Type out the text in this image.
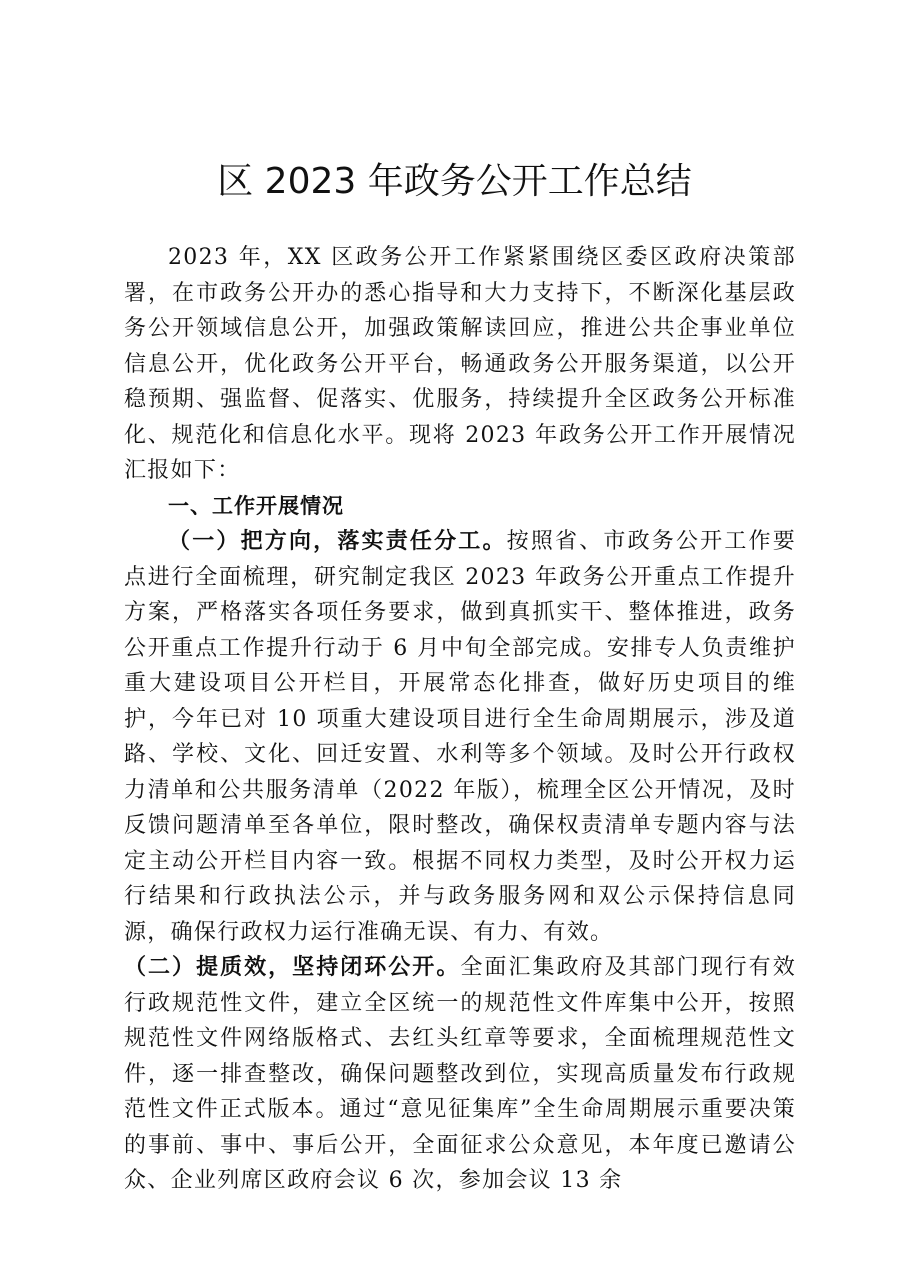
区 2023 年政务公开工作总结

2023 年，XX 区政务公开工作紧紧围绕区委区政府决策部署，在市政务公开办的悉心指导和大力支持下，不断深化基层政务公开领域信息公开，加强政策解读回应，推进公共企事业单位信息公开，优化政务公开平台，畅通政务公开服务渠道，以公开稳预期、强监督、促落实、优服务，持续提升全区政务公开标准化、规范化和信息化水平。现将 2023 年政务公开工作开展情况汇报如下：

一、工作开展情况

（一）把方向，落实责任分工。按照省、市政务公开工作要点进行全面梳理，研究制定我区 2023 年政务公开重点工作提升方案，严格落实各项任务要求，做到真抓实干、整体推进，政务公开重点工作提升行动于 6 月中旬全部完成。安排专人负责维护重大建设项目公开栏目，开展常态化排查，做好历史项目的维护，今年已对 10 项重大建设项目进行全生命周期展示，涉及道路、学校、文化、回迁安置、水利等多个领域。及时公开行政权力清单和公共服务清单（2022 年版），梳理全区公开情况，及时反馈问题清单至各单位，限时整改，确保权责清单专题内容与法定主动公开栏目内容一致。根据不同权力类型，及时公开权力运行结果和行政执法公示，并与政务服务网和双公示保持信息同源，确保行政权力运行准确无误、有力、有效。

（二）提质效，坚持闭环公开。全面汇集政府及其部门现行有效行政规范性文件，建立全区统一的规范性文件库集中公开，按照规范性文件网络版格式、去红头红章等要求，全面梳理规范性文件，逐一排查整改，确保问题整改到位，实现高质量发布行政规范性文件正式版本。通过“意见征集库”全生命周期展示重要决策的事前、事中、事后公开，全面征求公众意见，本年度已邀请公众、企业列席区政府会议 6 次，参加会议 13 余
